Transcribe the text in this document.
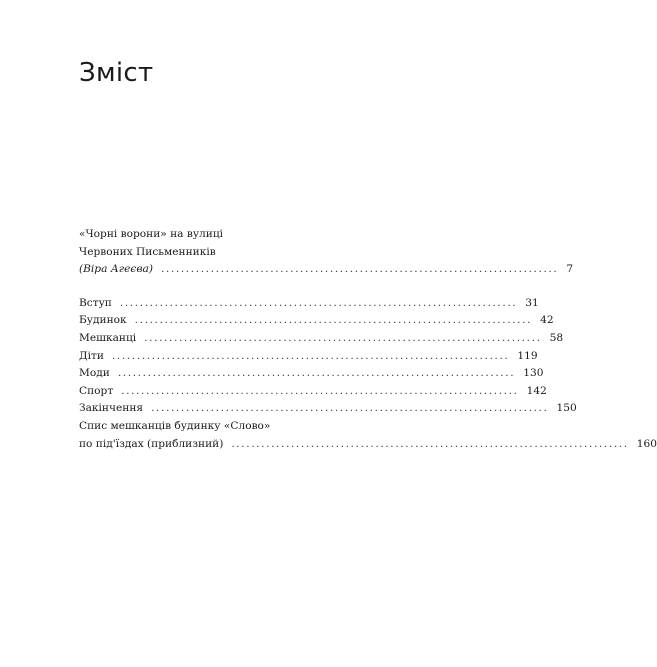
Зміст
«Чорні ворони» на вулиці
Червоних Письменників
(Віра Агеєва) ................................................................................ 7
Вступ ................................................................................ 31
Будинок ................................................................................ 42
Мешканці ................................................................................ 58
Діти ................................................................................ 119
Моди ................................................................................ 130
Спорт ................................................................................ 142
Закінчення ................................................................................ 150
Спис мешканців будинку «Слово»
по під'їздах (приблизний) ................................................................................ 160
